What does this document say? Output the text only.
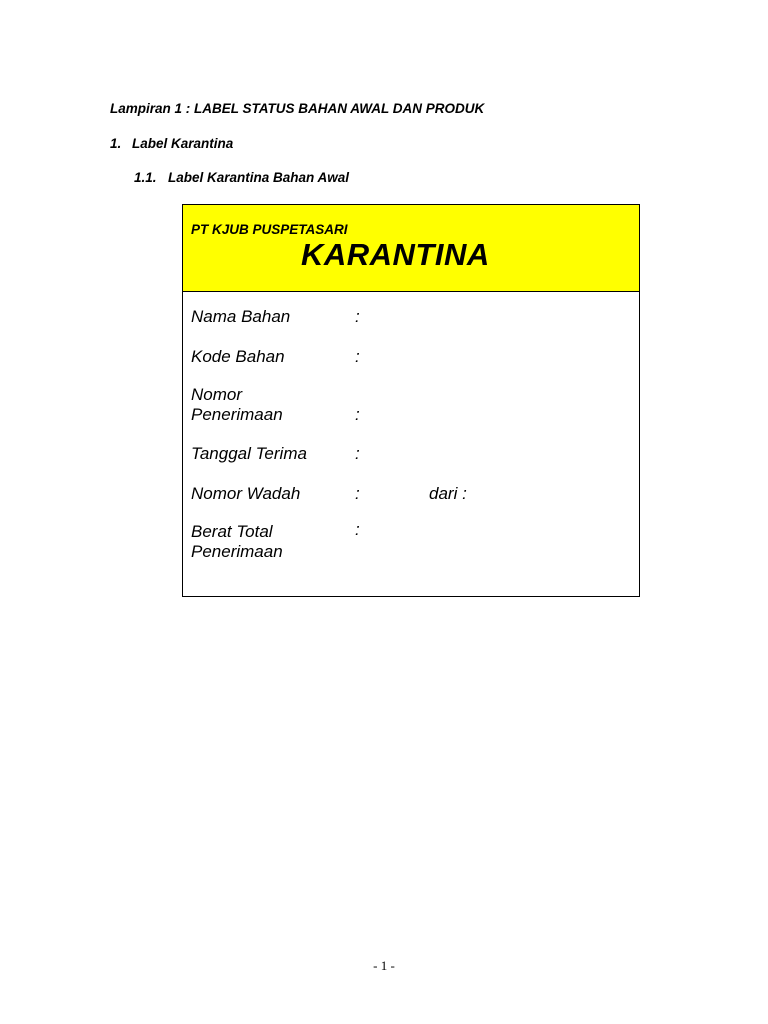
Lampiran 1 : LABEL STATUS BAHAN AWAL DAN PRODUK
1. Label Karantina
1.1. Label Karantina Bahan Awal
PT KJUB PUSPETASARI
KARANTINA
Nama Bahan	:
Kode Bahan	:
Nomor
Penerimaan	:
Tanggal Terima	:
Nomor Wadah	:	dari :
Berat Total
Penerimaan
:
- 1 -
